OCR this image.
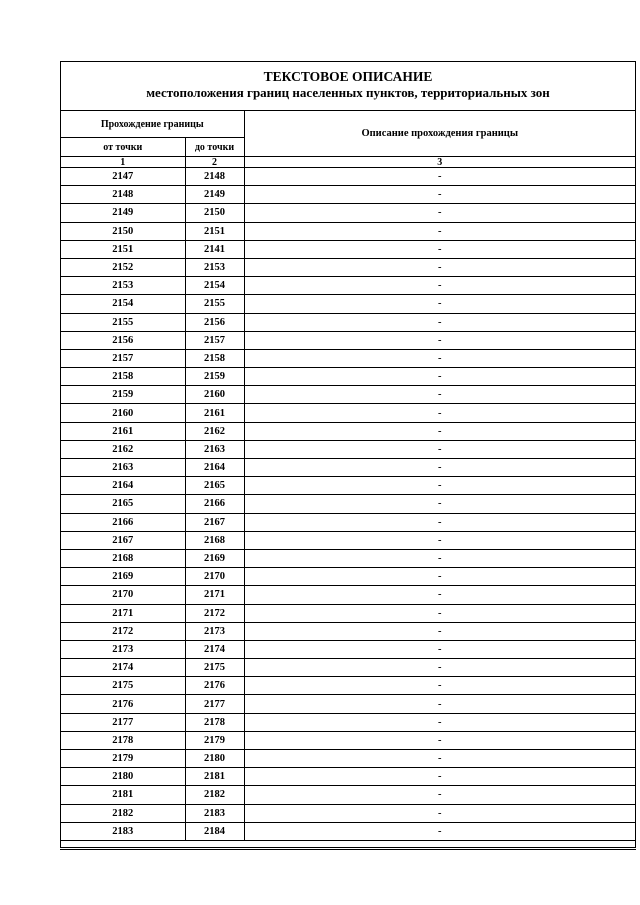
ТЕКСТОВОЕ ОПИСАНИЕ
местоположения границ населенных пунктов, территориальных зон
Прохождение границы		Описание прохождения границы
от точки	до точки	
1	2	3
2147	2148	-
2148	2149	-
2149	2150	-
2150	2151	-
2151	2141	-
2152	2153	-
2153	2154	-
2154	2155	-
2155	2156	-
2156	2157	-
2157	2158	-
2158	2159	-
2159	2160	-
2160	2161	-
2161	2162	-
2162	2163	-
2163	2164	-
2164	2165	-
2165	2166	-
2166	2167	-
2167	2168	-
2168	2169	-
2169	2170	-
2170	2171	-
2171	2172	-
2172	2173	-
2173	2174	-
2174	2175	-
2175	2176	-
2176	2177	-
2177	2178	-
2178	2179	-
2179	2180	-
2180	2181	-
2181	2182	-
2182	2183	-
2183	2184	-
